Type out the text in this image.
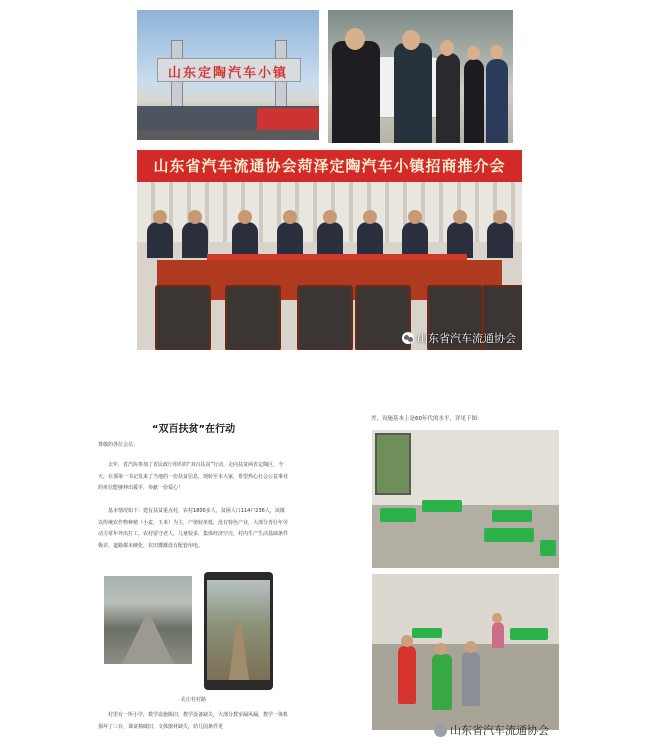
山东定陶汽车小镇
山东省汽车流通协会菏泽定陶汽车小镇招商推介会
山东省汽车流通协会
“双百扶贫”在行动
尊敬的各位会员：
去年，省汽协参加了省民政厅组织的“双百扶贫”行动，走向扶贫两省定陶区，今天，在那第一书记发来了当地的一份扶贫信息，现转至本大家，希望热心社会公益事业的单位能够伸出援手，奉献一份爱心！
基本情况如下：建有扶贫重点村，农村1800多人，贫困人口114户236人，该镇以传统农作物种植（小麦、玉米）为主，产值较单低，没有特色产业，大部分青壮年劳动力常年外出打工，农村留守老人，儿童较多，集体经济空壳，村内生产生活基础条件极差，道路都未硬化，农田灌溉没有配套用电。
孔庄村村路
村里有一所小学，教学设施陈旧，教学设备缺失，大部分教室漏风漏，教学一体机损坏了三台，课桌椅破旧，文体器材缺失，幼儿园条件更
差，设施基本上是60年代的水平，详见下图：
山东省汽车流通协会
